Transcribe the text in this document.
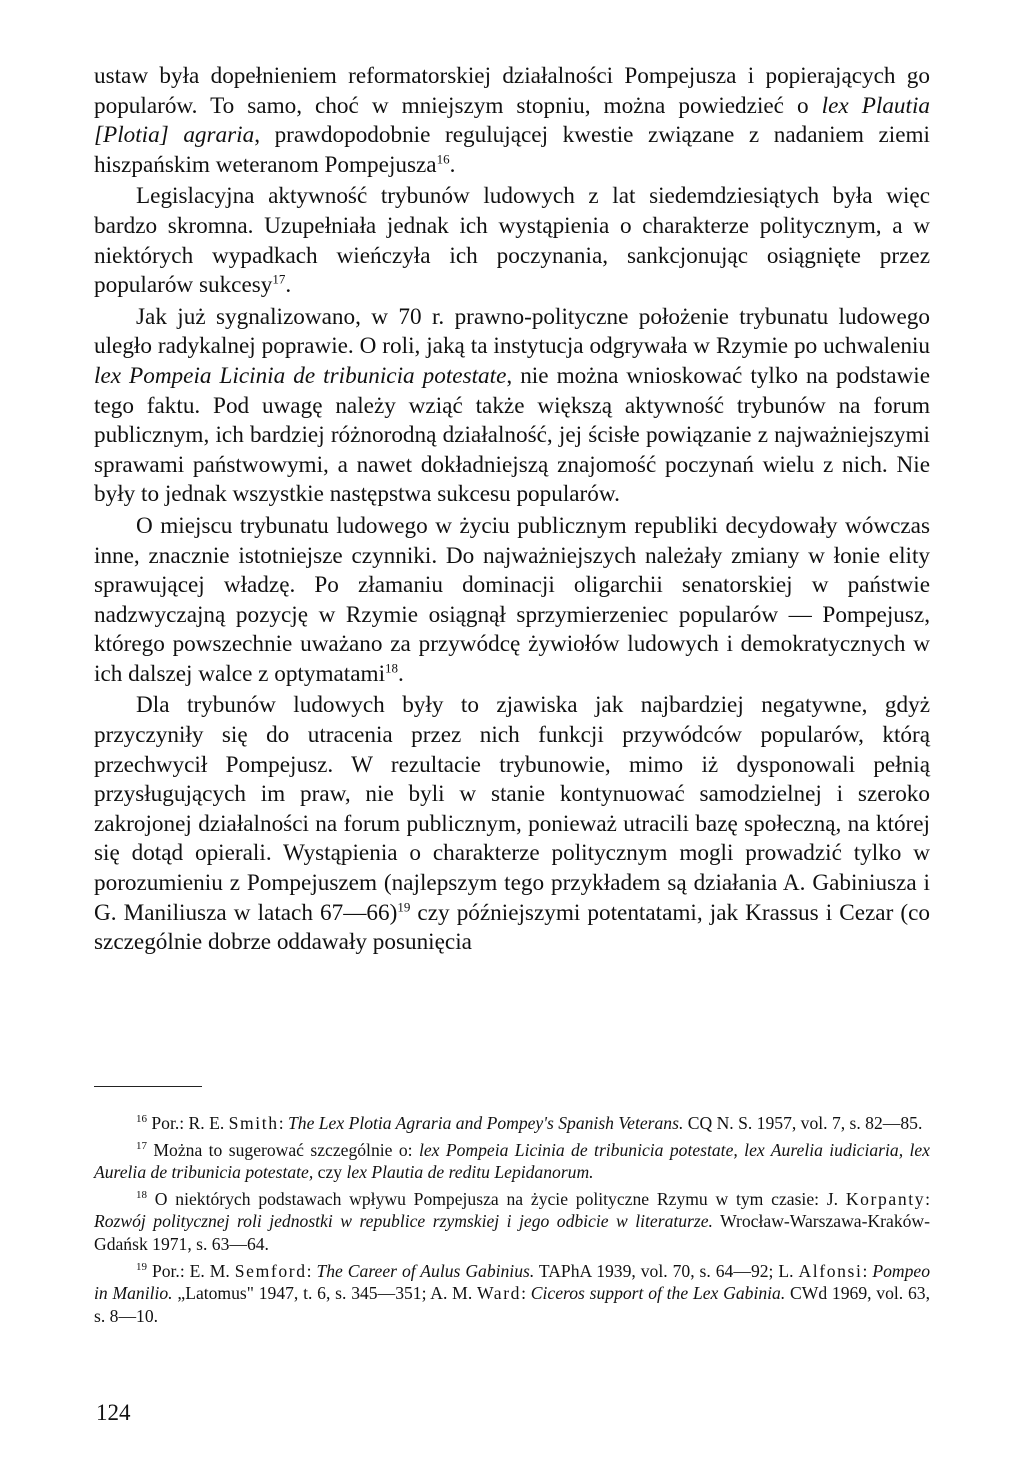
ustaw była dopełnieniem reformatorskiej działalności Pompejusza i popierających go popularów. To samo, choć w mniejszym stopniu, można powiedzieć o lex Plautia [Plotia] agraria, prawdopodobnie regulującej kwestie związane z nadaniem ziemi hiszpańskim weteranom Pompejusza$^{16}$.

Legislacyjna aktywność trybunów ludowych z lat siedemdziesiątych była więc bardzo skromna. Uzupełniała jednak ich wystąpienia o charakterze politycznym, a w niektórych wypadkach wieńczyła ich poczynania, sankcjonując osiągnięte przez popularów sukcesy$^{17}$.

Jak już sygnalizowano, w 70 r. prawno-polityczne położenie trybunatu ludowego uległo radykalnej poprawie. O roli, jaką ta instytucja odgrywała w Rzymie po uchwaleniu lex Pompeia Licinia de tribunicia potestate, nie można wnioskować tylko na podstawie tego faktu. Pod uwagę należy wziąć także większą aktywność trybunów na forum publicznym, ich bardziej różnorodną działalność, jej ścisłe powiązanie z najważniejszymi sprawami państwowymi, a nawet dokładniejszą znajomość poczynań wielu z nich. Nie były to jednak wszystkie następstwa sukcesu popularów.

O miejscu trybunatu ludowego w życiu publicznym republiki decydowały wówczas inne, znacznie istotniejsze czynniki. Do najważniejszych należały zmiany w łonie elity sprawującej władzę. Po złamaniu dominacji oligarchii senatorskiej w państwie nadzwyczajną pozycję w Rzymie osiągnął sprzymierzeniec popularów — Pompejusz, którego powszechnie uważano za przywódcę żywiołów ludowych i demokratycznych w ich dalszej walce z optymatami$^{18}$.

Dla trybunów ludowych były to zjawiska jak najbardziej negatywne, gdyż przyczyniły się do utracenia przez nich funkcji przywódców popularów, którą przechwycił Pompejusz. W rezultacie trybunowie, mimo iż dysponowali pełnią przysługujących im praw, nie byli w stanie kontynuować samodzielnej i szeroko zakrojonej działalności na forum publicznym, ponieważ utracili bazę społeczną, na której się dotąd opierali. Wystąpienia o charakterze politycznym mogli prowadzić tylko w porozumieniu z Pompejuszem (najlepszym tego przykładem są działania A. Gabiniusza i G. Maniliusza w latach 67—66)$^{19}$ czy późniejszymi potentatami, jak Krassus i Cezar (co szczególnie dobrze oddawały posunięcia

$^{16}$ Por.: R. E. Smith: The Lex Plotia Agraria and Pompey's Spanish Veterans. CQ N. S. 1957, vol. 7, s. 82—85.

$^{17}$ Można to sugerować szczególnie o: lex Pompeia Licinia de tribunicia potestate, lex Aurelia iudiciaria, lex Aurelia de tribunicia potestate, czy lex Plautia de reditu Lepidanorum.

$^{18}$ O niektórych podstawach wpływu Pompejusza na życie polityczne Rzymu w tym czasie: J. Korpanty: Rozwój politycznej roli jednostki w republice rzymskiej i jego odbicie w literaturze. Wrocław-Warszawa-Kraków-Gdańsk 1971, s. 63—64.

$^{19}$ Por.: E. M. Semford: The Career of Aulus Gabinius. TAPhA 1939, vol. 70, s. 64—92; L. Alfonsi: Pompeo in Manilio. „Latomus" 1947, t. 6, s. 345—351; A. M. Ward: Ciceros support of the Lex Gabinia. CWd 1969, vol. 63, s. 8—10.

124
